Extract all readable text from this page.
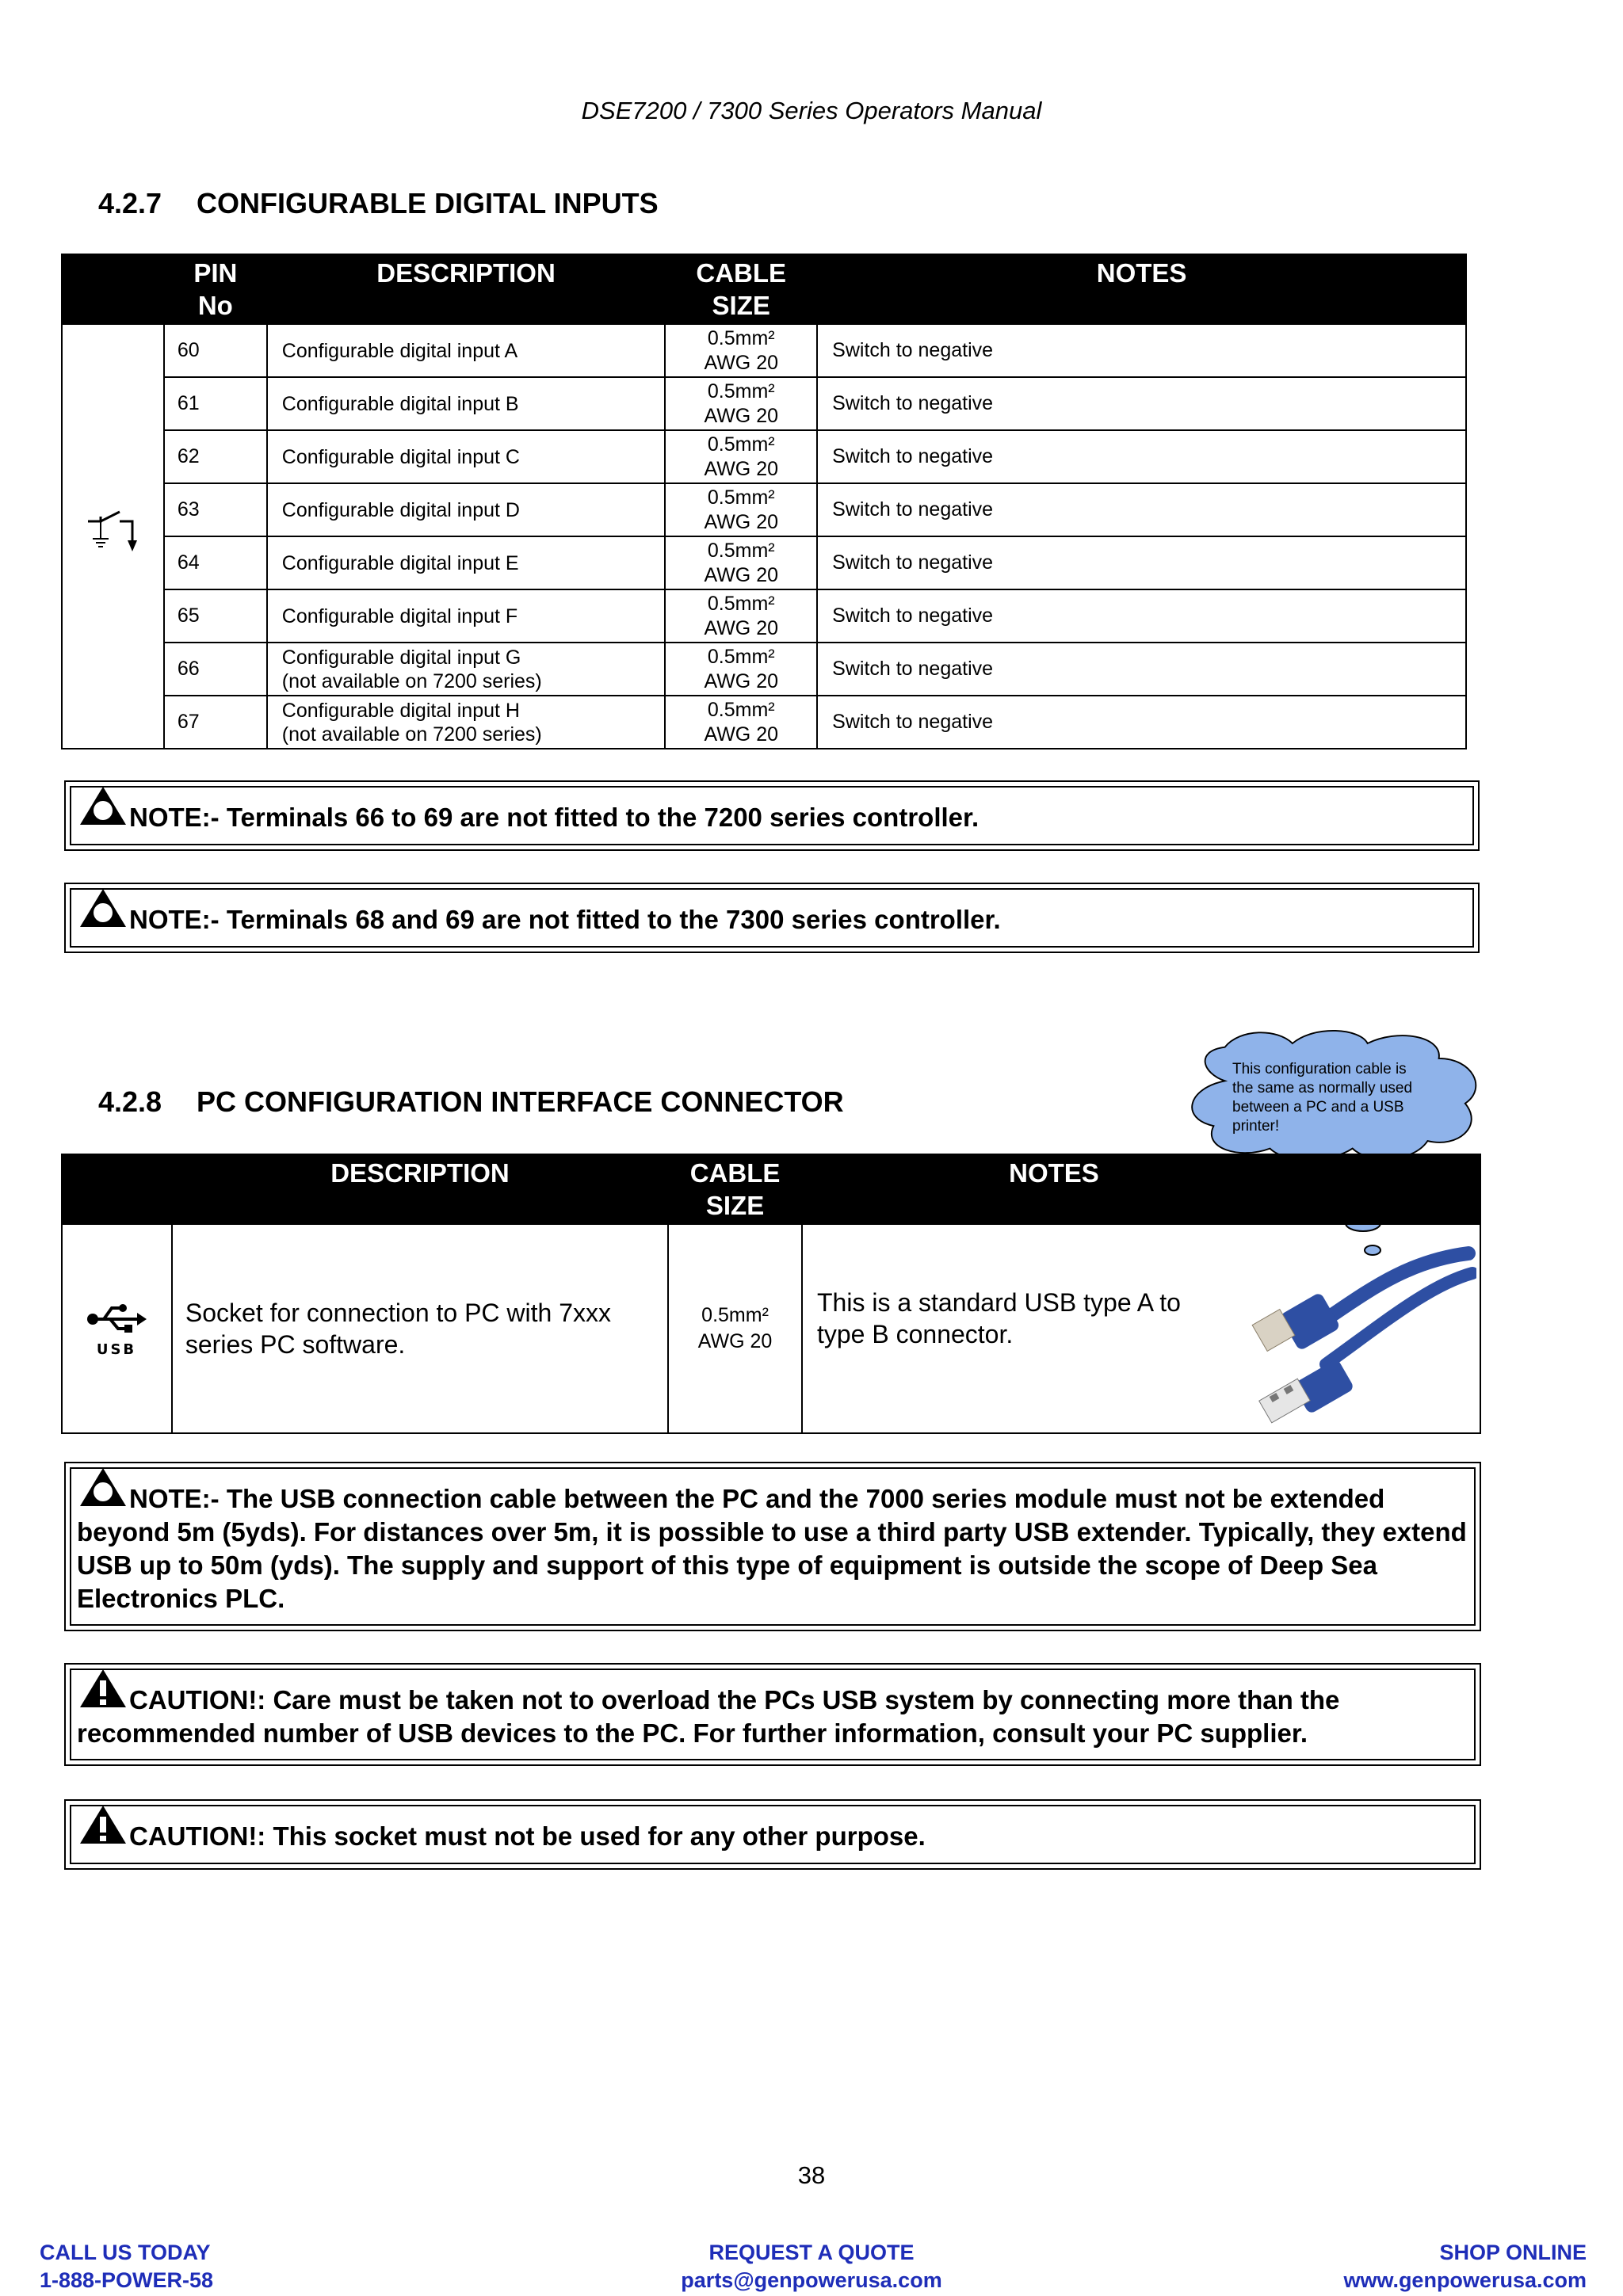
DSE7200 / 7300 Series Operators Manual
4.2.7 CONFIGURABLE DIGITAL INPUTS
	PIN
No	DESCRIPTION	CABLE
SIZE	NOTES
	60	Configurable digital input A	0.5mm²
AWG 20	Switch to negative
	61	Configurable digital input B	0.5mm²
AWG 20	Switch to negative
	62	Configurable digital input C	0.5mm²
AWG 20	Switch to negative
	63	Configurable digital input D	0.5mm²
AWG 20	Switch to negative
	64	Configurable digital input E	0.5mm²
AWG 20	Switch to negative
	65	Configurable digital input F	0.5mm²
AWG 20	Switch to negative
	66	Configurable digital input G
(not available on 7200 series)	0.5mm²
AWG 20	Switch to negative
	67	Configurable digital input H
(not available on 7200 series)	0.5mm²
AWG 20	Switch to negative
NOTE:- Terminals 66 to 69 are not fitted to the 7200 series controller.
NOTE:- Terminals 68 and 69 are not fitted to the 7300 series controller.
4.2.8 PC CONFIGURATION INTERFACE CONNECTOR
This configuration cable is the same as normally used between a PC and a USB printer!
	DESCRIPTION	CABLE
SIZE	NOTES

USB	Socket for connection to PC with 7xxx series PC software.	0.5mm²
AWG 20	This is a standard USB type A to type B connector.
NOTE:- The USB connection cable between the PC and the 7000 series module must not be extended beyond 5m (5yds). For distances over 5m, it is possible to use a third party USB extender. Typically, they extend USB up to 50m (yds). The supply and support of this type of equipment is outside the scope of Deep Sea Electronics PLC.
CAUTION!: Care must be taken not to overload the PCs USB system by connecting more than the recommended number of USB devices to the PC. For further information, consult your PC supplier.
CAUTION!: This socket must not be used for any other purpose.
38
CALL US TODAY
1-888-POWER-58
REQUEST A QUOTE
parts@genpowerusa.com
SHOP ONLINE
www.genpowerusa.com
